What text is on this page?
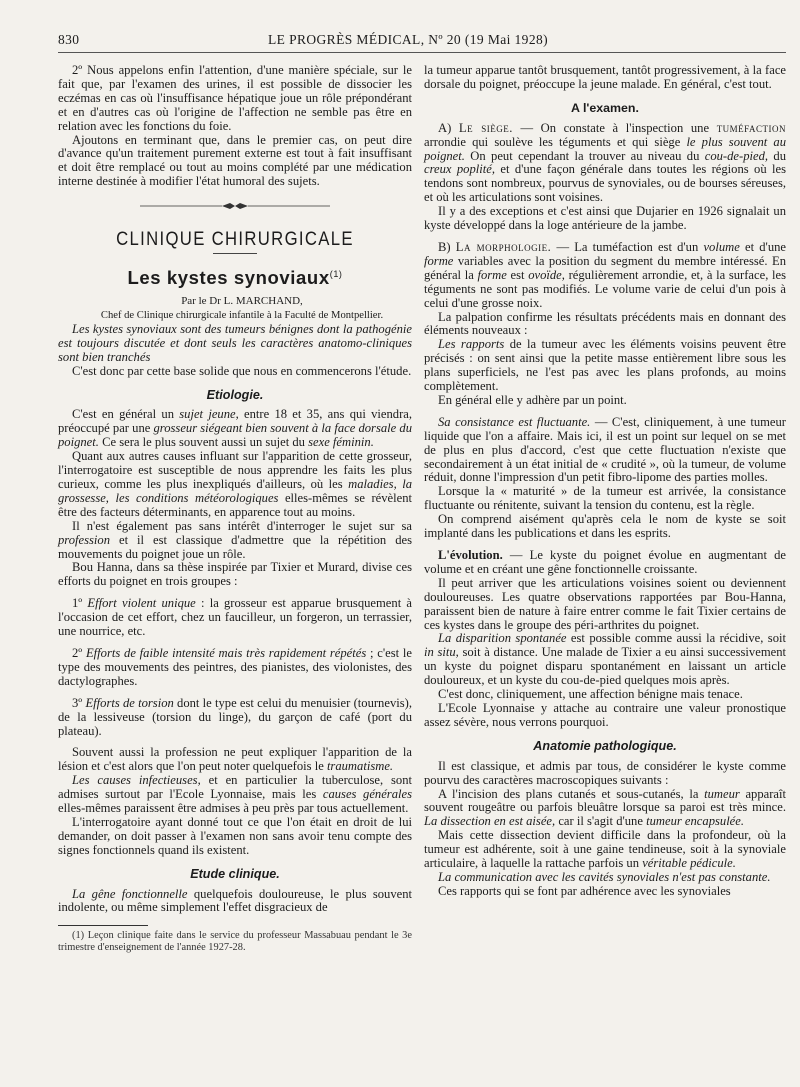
830	LE PROGRÈS MÉDICAL, Nº 20 (19 Mai 1928)

2º Nous appelons enfin l'attention, d'une manière spéciale, sur le fait que, par l'examen des urines, il est possible de dissocier les eczémas en cas où l'insuffisance hépatique joue un rôle prépondérant et en d'autres cas où l'origine de l'affection ne semble pas être en relation avec les fonctions du foie.

Ajoutons en terminant que, dans le premier cas, on peut dire d'avance qu'un traitement purement externe est tout à fait insuffisant et doit être remplacé ou tout au moins complété par une médication interne destinée à modifier l'état humoral des sujets.

CLINIQUE CHIRURGICALE
Les kystes synoviaux$^{(1)}$

Par le Dr L. MARCHAND,

Chef de Clinique chirurgicale infantile à la Faculté de Montpellier.

Les kystes synoviaux sont des tumeurs bénignes dont la pathogénie est toujours discutée et dont seuls les caractères anatomo-cliniques sont bien tranchés

C'est donc par cette base solide que nous en commencerons l'étude.

Etiologie.

C'est en général un sujet jeune, entre 18 et 35, ans qui viendra, préoccupé par une grosseur siégeant bien souvent à la face dorsale du poignet. Ce sera le plus souvent aussi un sujet du sexe féminin.

Quant aux autres causes influant sur l'apparition de cette grosseur, l'interrogatoire est susceptible de nous apprendre les faits les plus curieux, comme les plus inexpliqués d'ailleurs, où les maladies, la grossesse, les conditions météorologiques elles-mêmes se révèlent être des facteurs déterminants, en apparence tout au moins.

Il n'est également pas sans intérêt d'interroger le sujet sur sa profession et il est classique d'admettre que la répétition des mouvements du poignet joue un rôle.

Bou Hanna, dans sa thèse inspirée par Tixier et Murard, divise ces efforts du poignet en trois groupes :

1º Effort violent unique : la grosseur est apparue brusquement à l'occasion de cet effort, chez un faucilleur, un forgeron, un terrassier, une nourrice, etc.

2º Efforts de faible intensité mais très rapidement répétés ; c'est le type des mouvements des peintres, des pianistes, des violonistes, des dactylographes.

3º Efforts de torsion dont le type est celui du menuisier (tournevis), de la lessiveuse (torsion du linge), du garçon de café (port du plateau).

Souvent aussi la profession ne peut expliquer l'apparition de la lésion et c'est alors que l'on peut noter quelquefois le traumatisme.

Les causes infectieuses, et en particulier la tuberculose, sont admises surtout par l'Ecole Lyonnaise, mais les causes générales elles-mêmes paraissent être admises à peu près par tous actuellement.

L'interrogatoire ayant donné tout ce que l'on était en droit de lui demander, on doit passer à l'examen non sans avoir tenu compte des signes fonctionnels quand ils existent.

Etude clinique.

La gêne fonctionnelle quelquefois douloureuse, le plus souvent indolente, ou même simplement l'effet disgracieux de

(1) Leçon clinique faite dans le service du professeur Massabuau pendant le 3e trimestre d'enseignement de l'année 1927-28.

la tumeur apparue tantôt brusquement, tantôt progressivement, à la face dorsale du poignet, préoccupe la jeune malade. En général, c'est tout.

A l'examen.

A) Le siège. — On constate à l'inspection une tuméfaction arrondie qui soulève les téguments et qui siège le plus souvent au poignet. On peut cependant la trouver au niveau du cou-de-pied, du creux poplité, et d'une façon générale dans toutes les régions où les tendons sont nombreux, pourvus de synoviales, ou de bourses séreuses, et où les articulations sont voisines.

Il y a des exceptions et c'est ainsi que Dujarier en 1926 signalait un kyste développé dans la loge antérieure de la jambe.

B) La morphologie. — La tuméfaction est d'un volume et d'une forme variables avec la position du segment du membre intéressé. En général la forme est ovoïde, régulièrement arrondie, et, à la surface, les téguments ne sont pas modifiés. Le volume varie de celui d'un pois à celui d'une grosse noix.

La palpation confirme les résultats précédents mais en donnant des éléments nouveaux :

Les rapports de la tumeur avec les éléments voisins peuvent être précisés : on sent ainsi que la petite masse entièrement libre sous les plans superficiels, ne l'est pas avec les plans profonds, au moins complètement.

En général elle y adhère par un point.

Sa consistance est fluctuante. — C'est, cliniquement, à une tumeur liquide que l'on a affaire. Mais ici, il est un point sur lequel on se met de plus en plus d'accord, c'est que cette fluctuation n'existe que secondairement à un état initial de « crudité », où la tumeur, de volume réduit, donne l'impression d'un petit fibro-lipome des parties molles.

Lorsque la « maturité » de la tumeur est arrivée, la consistance fluctuante ou rénitente, suivant la tension du contenu, est la règle.

On comprend aisément qu'après cela le nom de kyste se soit implanté dans les publications et dans les esprits.

L'évolution. — Le kyste du poignet évolue en augmentant de volume et en créant une gêne fonctionnelle croissante.

Il peut arriver que les articulations voisines soient ou deviennent douloureuses. Les quatre observations rapportées par Bou-Hanna, paraissent bien de nature à faire entrer comme le fait Tixier certains de ces kystes dans le groupe des péri-arthrites du poignet.

La disparition spontanée est possible comme aussi la récidive, soit in situ, soit à distance. Une malade de Tixier a eu ainsi successivement un kyste du poignet disparu spontanément en laissant un article douloureux, et un kyste du cou-de-pied quelques mois après.

C'est donc, cliniquement, une affection bénigne mais tenace.

L'Ecole Lyonnaise y attache au contraire une valeur pronostique assez sévère, nous verrons pourquoi.

Anatomie pathologique.

Il est classique, et admis par tous, de considérer le kyste comme pourvu des caractères macroscopiques suivants :

A l'incision des plans cutanés et sous-cutanés, la tumeur apparaît souvent rougeâtre ou parfois bleuâtre lorsque sa paroi est très mince. La dissection en est aisée, car il s'agit d'une tumeur encapsulée.

Mais cette dissection devient difficile dans la profondeur, où la tumeur est adhérente, soit à une gaine tendineuse, soit à la synoviale articulaire, à laquelle la rattache parfois un véritable pédicule.

La communication avec les cavités synoviales n'est pas constante.

Ces rapports qui se font par adhérence avec les synoviales
